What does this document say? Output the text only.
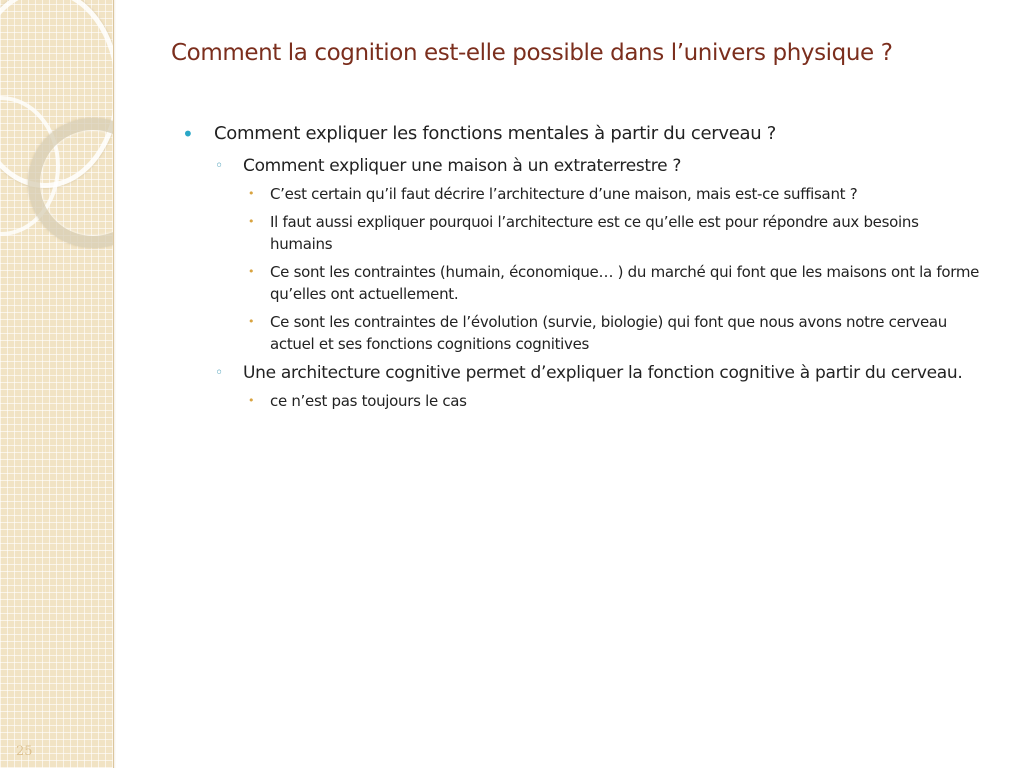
25
Comment la cognition est-elle possible dans l’univers physique ?
• Comment expliquer les fonctions mentales à partir du cerveau ?
◦ Comment expliquer une maison à un extraterrestre ?
• C’est certain qu’il faut décrire l’architecture d’une maison, mais est-ce suffisant ?
• Il faut aussi expliquer pourquoi l’architecture est ce qu’elle est pour répondre aux besoins humains
• Ce sont les contraintes (humain, économique… ) du marché qui font que les maisons ont la forme qu’elles ont actuellement.
• Ce sont les contraintes de l’évolution (survie, biologie) qui font que nous avons notre cerveau actuel et ses fonctions cognitions cognitives
◦ Une architecture cognitive permet d’expliquer la fonction cognitive à partir du cerveau.
• ce n’est pas toujours le cas
